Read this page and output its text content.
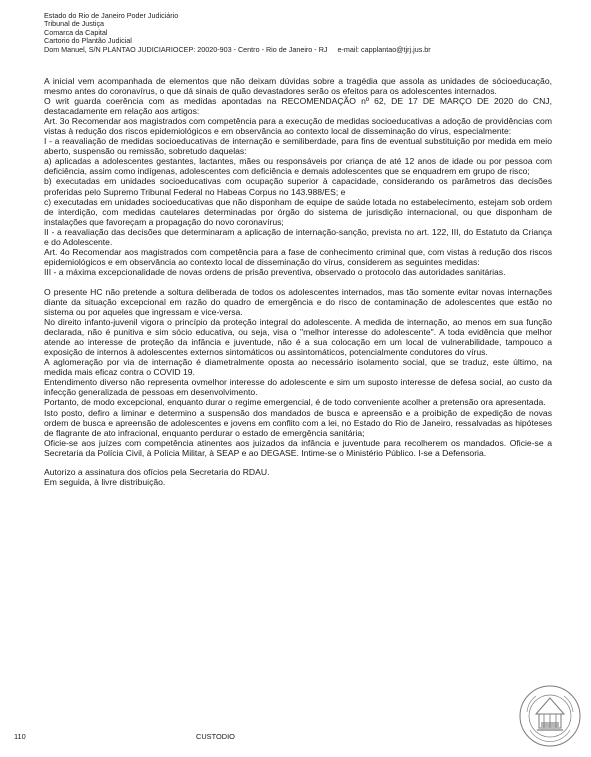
Estado do Rio de Janeiro Poder Judiciário
Tribunal de Justiça
Comarca da Capital
Cartorio do Plantão Judicial
Dom Manuel, S/N PLANTAO JUDICIARIOCEP: 20020-903 - Centro - Rio de Janeiro - RJ e-mail: capplantao@tjrj.jus.br

A inicial vem acompanhada de elementos que não deixam dúvidas sobre a tragédia que assola as unidades de sócioeducação, mesmo antes do coronavírus, o que dá sinais de quão devastadores serão os efeitos para os adolescentes internados.

O writ guarda coerência com as medidas apontadas na RECOMENDAÇÃO nº 62, DE 17 DE MARÇO DE 2020 do CNJ, destacadamente em relação aos artigos:

Art. 3o Recomendar aos magistrados com competência para a execução de medidas socioeducativas a adoção de providências com vistas à redução dos riscos epidemiológicos e em observância ao contexto local de disseminação do vírus, especialmente:

I - a reavaliação de medidas socioeducativas de internação e semiliberdade, para fins de eventual substituição por medida em meio aberto, suspensão ou remissão, sobretudo daquelas:

a) aplicadas a adolescentes gestantes, lactantes, mães ou responsáveis por criança de até 12 anos de idade ou por pessoa com deficiência, assim como indígenas, adolescentes com deficiência e demais adolescentes que se enquadrem em grupo de risco;

b) executadas em unidades socioeducativas com ocupação superior à capacidade, considerando os parâmetros das decisões proferidas pelo Supremo Tribunal Federal no Habeas Corpus no 143.988/ES; e

c) executadas em unidades socioeducativas que não disponham de equipe de saúde lotada no estabelecimento, estejam sob ordem de interdição, com medidas cautelares determinadas por órgão do sistema de jurisdição internacional, ou que disponham de instalações que favoreçam a propagação do novo coronavírus;

II - a reavaliação das decisões que determinaram a aplicação de internação-sanção, prevista no art. 122, III, do Estatuto da Criança e do Adolescente.

Art. 4o Recomendar aos magistrados com competência para a fase de conhecimento criminal que, com vistas à redução dos riscos epidemiológicos e em observância ao contexto local de disseminação do vírus, considerem as seguintes medidas:

III - a máxima excepcionalidade de novas ordens de prisão preventiva, observado o protocolo das autoridades sanitárias.

O presente HC não pretende a soltura deliberada de todos os adolescentes internados, mas tão somente evitar novas internações diante da situação excepcional em razão do quadro de emergência e do risco de contaminação de adolescentes que estão no sistema ou por aqueles que ingressam e vice-versa.

No direito infanto-juvenil vigora o princípio da proteção integral do adolescente. A medida de internação, ao menos em sua função declarada, não é punitiva e sim sócio educativa, ou seja, visa o "melhor interesse do adolescente". A toda evidência que melhor atende ao interesse de proteção da infância e juventude, não é a sua colocação em um local de vulnerabilidade, tampouco a exposição de internos à adolescentes externos sintomáticos ou assintomáticos, potencialmente condutores do vírus.

A aglomeração por via de internação é diametralmente oposta ao necessário isolamento social, que se traduz, este último, na medida mais eficaz contra o COVID 19.

Entendimento diverso não representa ovmelhor interesse do adolescente e sim um suposto interesse de defesa social, ao custo da infecção generalizada de pessoas em desenvolvimento.

Portanto, de modo excepcional, enquanto durar o regime emergencial, é de todo conveniente acolher a pretensão ora apresentada.

Isto posto, defiro a liminar e determino a suspensão dos mandados de busca e apreensão e a proibição de expedição de novas ordem de busca e apreensão de adolescentes e jovens em conflito com a lei, no Estado do Rio de Janeiro, ressalvadas as hipóteses de flagrante de ato infracional, enquanto perdurar o estado de emergência sanitária;

Oficie-se aos juízes com competência atinentes aos juizados da infância e juventude para recolherem os mandados. Oficie-se a Secretaria da Polícia Civil, à Polícia Militar, à SEAP e ao DEGASE. Intime-se o Ministério Público. I-se a Defensoria.

Autorizo a assinatura dos ofícios pela Secretaria do RDAU.

Em seguida, à livre distribuição.

110	CUSTODIO
